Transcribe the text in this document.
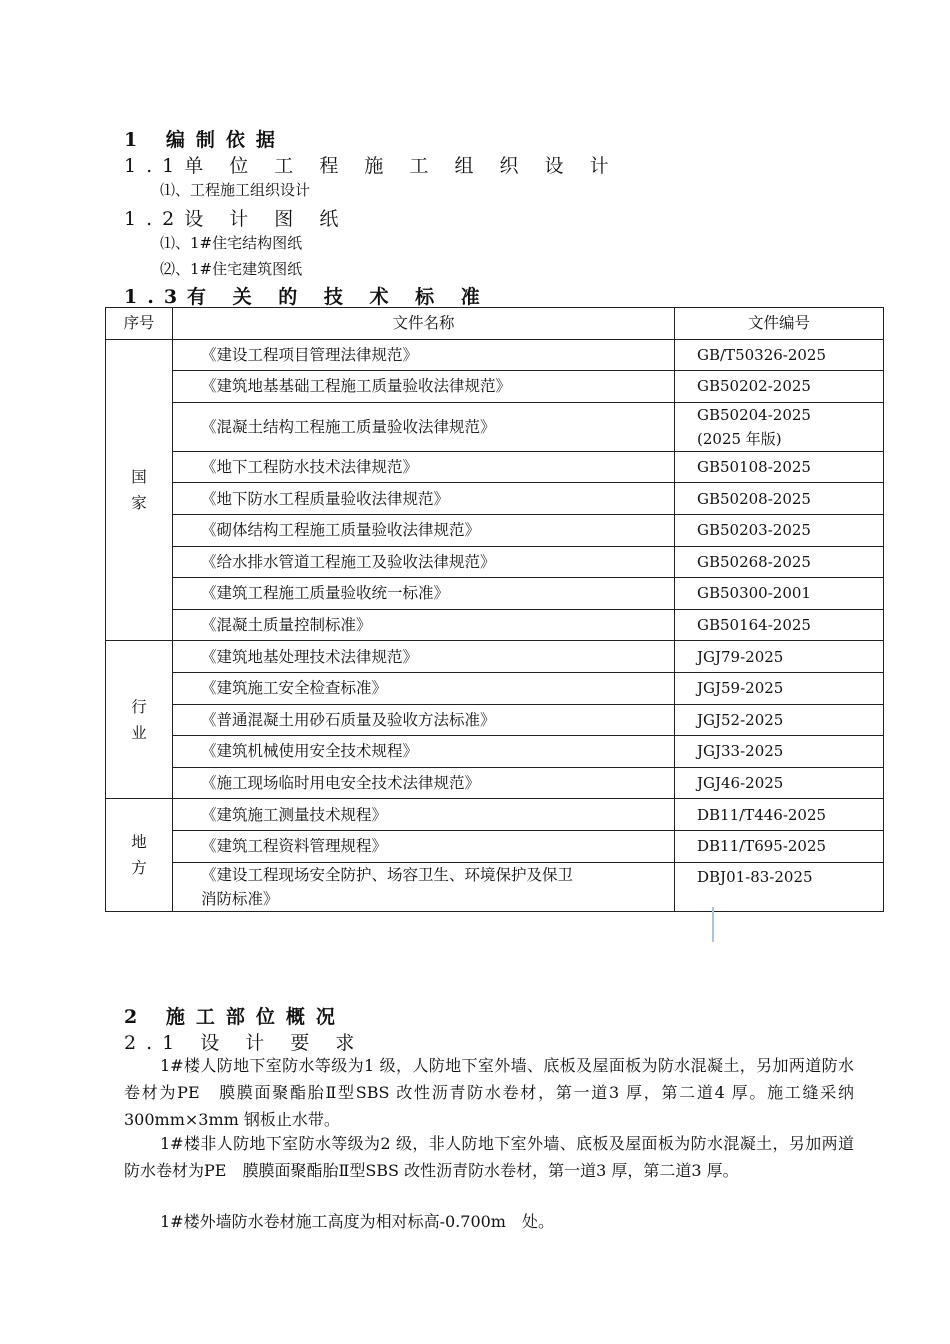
1 编制依据
1.1单 位 工 程 施 工 组 织 设 计
⑴、工程施工组织设计
1.2设 计 图 纸
⑴、1#住宅结构图纸
⑵、1#住宅建筑图纸
1.3有 关 的 技 术 标 准
序号	文件名称	文件编号

国家	《建设工程项目管理法律规范》	GB/T50326-2025
	《建筑地基基础工程施工质量验收法律规范》	GB50202-2025
	《混凝土结构工程施工质量验收法律规范》	GB50204-2025
(2025 年版)

	《地下工程防水技术法律规范》	GB50108-2025
	《地下防水工程质量验收法律规范》	GB50208-2025
	《砌体结构工程施工质量验收法律规范》	GB50203-2025
	《给水排水管道工程施工及验收法律规范》	GB50268-2025
	《建筑工程施工质量验收统一标准》	GB50300-2001
	《混凝土质量控制标准》	GB50164-2025

行业	《建筑地基处理技术法律规范》	JGJ79-2025
	《建筑施工安全检查标准》	JGJ59-2025
	《普通混凝土用砂石质量及验收方法标准》	JGJ52-2025
	《建筑机械使用安全技术规程》	JGJ33-2025
	《施工现场临时用电安全技术法律规范》	JGJ46-2025

地方	《建筑施工测量技术规程》	DB11/T446-2025
	《建筑工程资料管理规程》	DB11/T695-2025

	《建设工程现场安全防护、场容卫生、环境保护及保卫
消防标准》	DBJ01-83-2025
2 施工部位概况
2.1 设 计 要 求

1#楼人防地下室防水等级为1 级，人防地下室外墙、底板及屋面板为防水混凝土，另加两道防水卷材为PE　膜膜面聚酯胎Ⅱ型SBS 改性沥青防水卷材，第一道3 厚，第二道4 厚。施工缝采纳300mm×3mm 钢板止水带。

1#楼非人防地下室防水等级为2 级，非人防地下室外墙、底板及屋面板为防水混凝土，另加两道防水卷材为PE　膜膜面聚酯胎Ⅱ型SBS 改性沥青防水卷材，第一道3 厚，第二道3 厚。

1#楼外墙防水卷材施工高度为相对标高-0.700m　处。
